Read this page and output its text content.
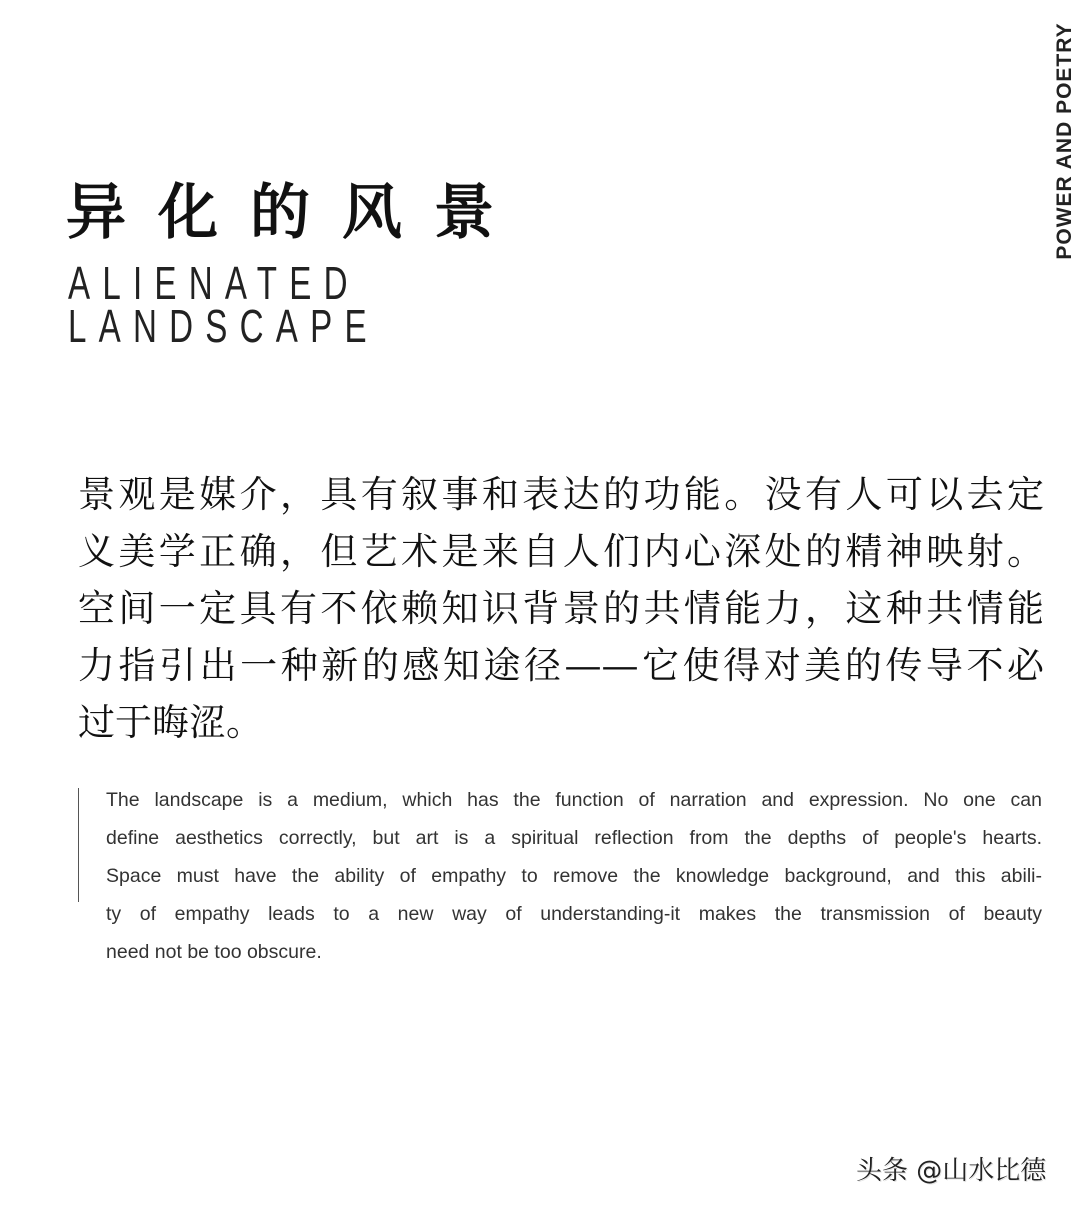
异化的风景
ALIENATED
LANDSCAPE
POWER AND POETRY
景观是媒介，具有叙事和表达的功能。没有人可以去定
义美学正确，但艺术是来自人们内心深处的精神映射。
空间一定具有不依赖知识背景的共情能力，这种共情能
力指引出一种新的感知途径——它使得对美的传导不必
过于晦涩。
The landscape is a medium, which has the function of narration and expression. No one can
define aesthetics correctly, but art is a spiritual reflection from the depths of people's hearts.
Space must have the ability of empathy to remove the knowledge background, and this abili-
ty of empathy leads to a new way of understanding-it makes the transmission of beauty
need not be too obscure.
头条 @山水比德
